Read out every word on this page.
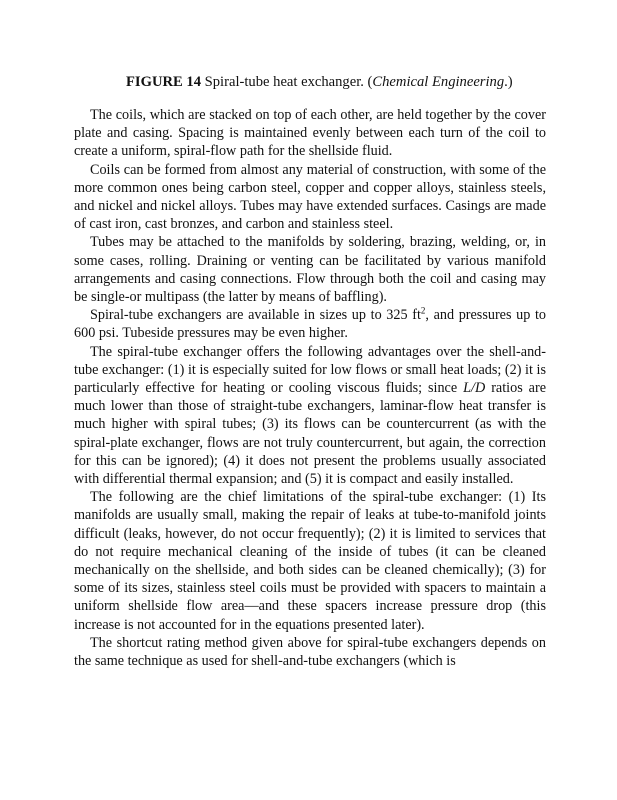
FIGURE 14 Spiral-tube heat exchanger. (Chemical Engineering.)

The coils, which are stacked on top of each other, are held together by the cover plate and casing. Spacing is maintained evenly between each turn of the coil to create a uniform, spiral-flow path for the shellside fluid.

Coils can be formed from almost any material of construction, with some of the more common ones being carbon steel, copper and copper alloys, stainless steels, and nickel and nickel alloys. Tubes may have extended surfaces. Casings are made of cast iron, cast bronzes, and carbon and stainless steel.

Tubes may be attached to the manifolds by soldering, brazing, welding, or, in some cases, rolling. Draining or venting can be facilitated by various manifold arrangements and casing connections. Flow through both the coil and casing may be single-or multipass (the latter by means of baffling).

Spiral-tube exchangers are available in sizes up to 325 $ft^2$, and pressures up to 600 psi. Tubeside pressures may be even higher.

The spiral-tube exchanger offers the following advantages over the shell-and-tube exchanger: (1) it is especially suited for low flows or small heat loads; (2) it is particularly effective for heating or cooling viscous fluids; since L/D ratios are much lower than those of straight-tube exchangers, laminar-flow heat transfer is much higher with spiral tubes; (3) its flows can be countercurrent (as with the spiral-plate exchanger, flows are not truly countercurrent, but again, the correction for this can be ignored); (4) it does not present the problems usually associated with differential thermal expansion; and (5) it is compact and easily installed.

The following are the chief limitations of the spiral-tube exchanger: (1) Its manifolds are usually small, making the repair of leaks at tube-to-manifold joints difficult (leaks, however, do not occur frequently); (2) it is limited to services that do not require mechanical cleaning of the inside of tubes (it can be cleaned mechanically on the shellside, and both sides can be cleaned chemically); (3) for some of its sizes, stainless steel coils must be provided with spacers to maintain a uniform shellside flow area—and these spacers increase pressure drop (this increase is not accounted for in the equations presented later).

The shortcut rating method given above for spiral-tube exchangers depends on the same technique as used for shell-and-tube exchangers (which is
